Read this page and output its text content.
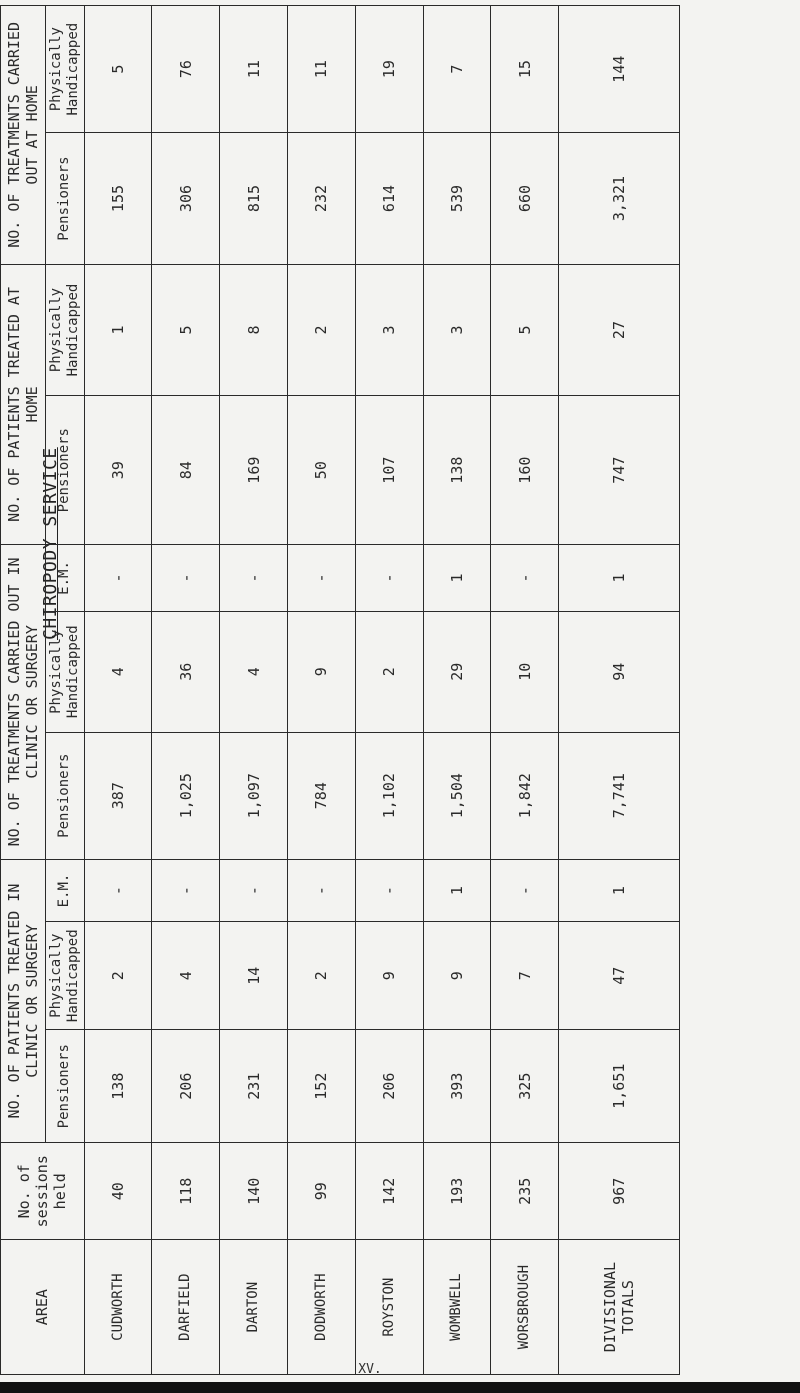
CHIROPODY SERVICE
AREA	No. of sessions held	NO. OF PATIENTS TREATED IN CLINIC OR SURGERY			NO. OF TREATMENTS CARRIED OUT IN CLINIC OR SURGERY			NO. OF PATIENTS TREATED AT HOME		NO. OF TREATMENTS CARRIED OUT AT HOME	
		Pensioners	Physically Handicapped	E.M.	Pensioners	Physically Handicapped	E.M.	Pensioners	Physically Handicapped	Pensioners	Physically Handicapped
CUDWORTH	40	138	2	-	387	4	-	39	1	155	5
DARFIELD	118	206	4	-	1,025	36	-	84	5	306	76
DARTON	140	231	14	-	1,097	4	-	169	8	815	11
DODWORTH	99	152	2	-	784	9	-	50	2	232	11
ROYSTON	142	206	9	-	1,102	2	-	107	3	614	19
WOMBWELL	193	393	9	1	1,504	29	1	138	3	539	7
WORSBROUGH	235	325	7	-	1,842	10	-	160	5	660	15
DIVISIONAL TOTALS	967	1,651	47	1	7,741	94	1	747	27	3,321	144
XV.
